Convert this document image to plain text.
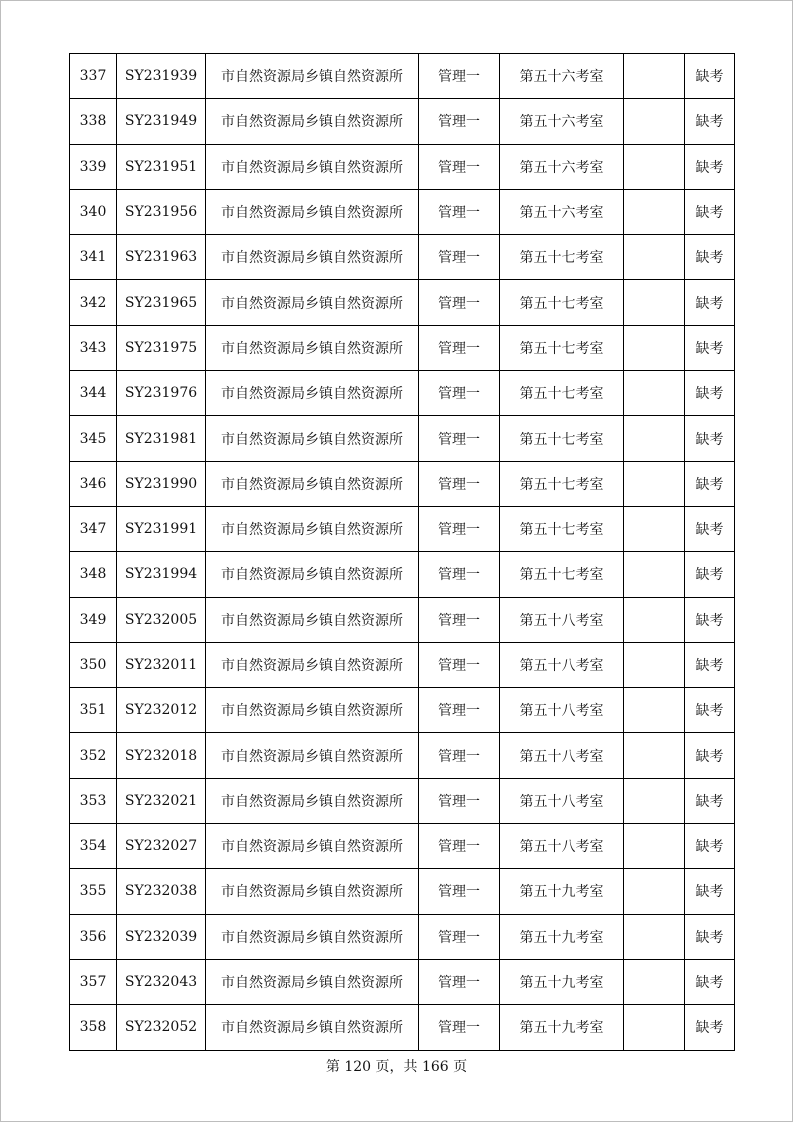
337	SY231939	市自然资源局乡镇自然资源所	管理一	第五十六考室		缺考
338	SY231949	市自然资源局乡镇自然资源所	管理一	第五十六考室		缺考
339	SY231951	市自然资源局乡镇自然资源所	管理一	第五十六考室		缺考
340	SY231956	市自然资源局乡镇自然资源所	管理一	第五十六考室		缺考
341	SY231963	市自然资源局乡镇自然资源所	管理一	第五十七考室		缺考
342	SY231965	市自然资源局乡镇自然资源所	管理一	第五十七考室		缺考
343	SY231975	市自然资源局乡镇自然资源所	管理一	第五十七考室		缺考
344	SY231976	市自然资源局乡镇自然资源所	管理一	第五十七考室		缺考
345	SY231981	市自然资源局乡镇自然资源所	管理一	第五十七考室		缺考
346	SY231990	市自然资源局乡镇自然资源所	管理一	第五十七考室		缺考
347	SY231991	市自然资源局乡镇自然资源所	管理一	第五十七考室		缺考
348	SY231994	市自然资源局乡镇自然资源所	管理一	第五十七考室		缺考
349	SY232005	市自然资源局乡镇自然资源所	管理一	第五十八考室		缺考
350	SY232011	市自然资源局乡镇自然资源所	管理一	第五十八考室		缺考
351	SY232012	市自然资源局乡镇自然资源所	管理一	第五十八考室		缺考
352	SY232018	市自然资源局乡镇自然资源所	管理一	第五十八考室		缺考
353	SY232021	市自然资源局乡镇自然资源所	管理一	第五十八考室		缺考
354	SY232027	市自然资源局乡镇自然资源所	管理一	第五十八考室		缺考
355	SY232038	市自然资源局乡镇自然资源所	管理一	第五十九考室		缺考
356	SY232039	市自然资源局乡镇自然资源所	管理一	第五十九考室		缺考
357	SY232043	市自然资源局乡镇自然资源所	管理一	第五十九考室		缺考
358	SY232052	市自然资源局乡镇自然资源所	管理一	第五十九考室		缺考
第 120 页，共 166 页
